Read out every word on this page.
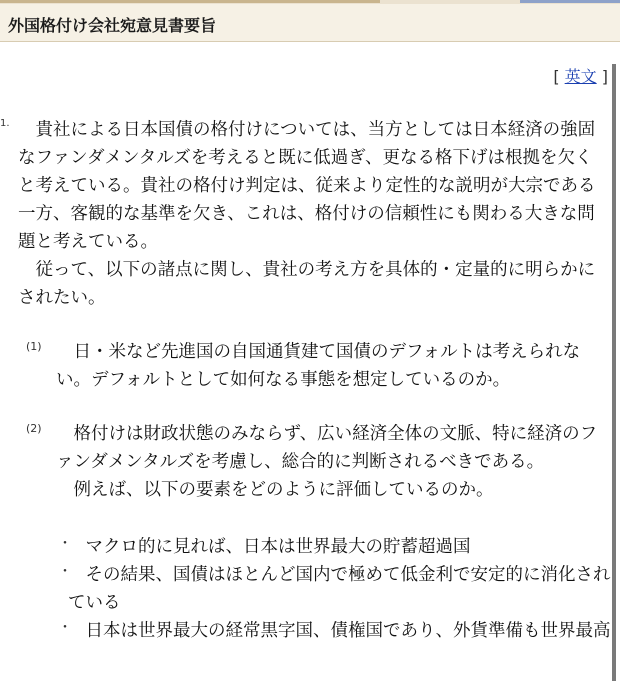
外国格付け会社宛意見書要旨
[ 英文 ]
1.	貴社による日本国債の格付けについては、当方としては日本経済の強固なファンダメンタルズを考えると既に低過ぎ、更なる格下げは根拠を欠くと考えている。貴社の格付け判定は、従来より定性的な説明が大宗である一方、客観的な基準を欠き、これは、格付けの信頼性にも関わる大きな問題と考えている。

従って、以下の諸点に関し、貴社の考え方を具体的・定量的に明らかにされたい。

(1)	日・米など先進国の自国通貨建て国債のデフォルトは考えられない。デフォルトとして如何なる事態を想定しているのか。

(2)	格付けは財政状態のみならず、広い経済全体の文脈、特に経済のファンダメンタルズを考慮し、総合的に判断されるべきである。

例えば、以下の要素をどのように評価しているのか。

・ マクロ的に見れば、日本は世界最大の貯蓄超過国
・ その結果、国債はほとんど国内で極めて低金利で安定的に消化されている
・ 日本は世界最大の経常黒字国、債権国であり、外貨準備も世界最高
